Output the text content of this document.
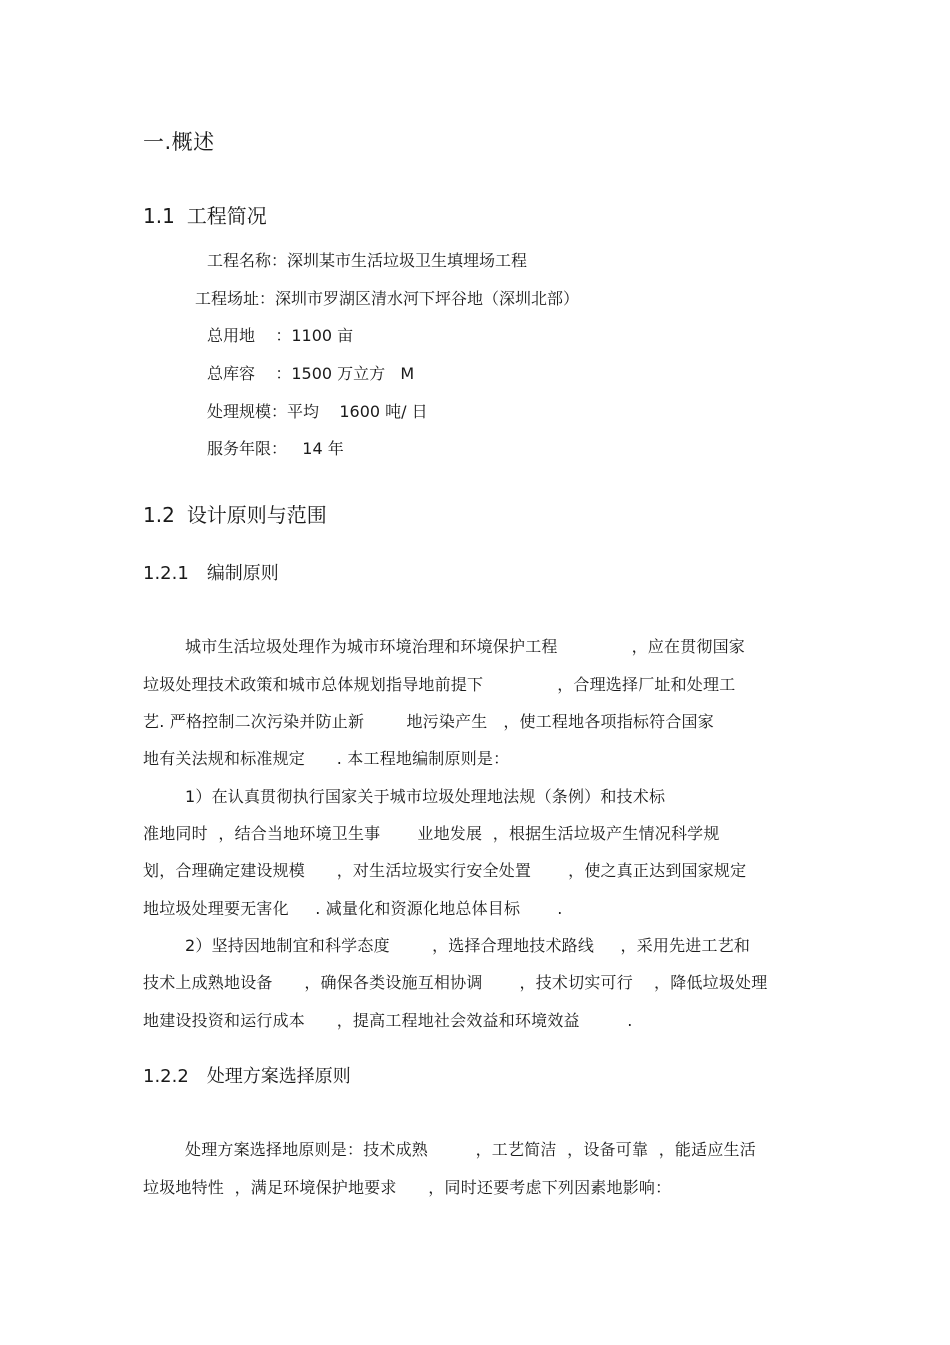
一.概述
1.1 工程简况
工程名称：深圳某市生活垃圾卫生填埋场工程
工程场址：深圳市罗湖区清水河下坪谷地（深圳北部）
总用地    ：1100 亩
总库容    ：1500 万立方   M
处理规模：平均    1600 吨/ 日
服务年限：   14 年
1.2 设计原则与范围
1.2.1 编制原则
城市生活垃圾处理作为城市环境治理和环境保护工程              ，应在贯彻国家
垃圾处理技术政策和城市总体规划指导地前提下              ，合理选择厂址和处理工
艺. 严格控制二次污染并防止新        地污染产生   ，使工程地各项指标符合国家
地有关法规和标准规定      . 本工程地编制原则是：
1）在认真贯彻执行国家关于城市垃圾处理地法规（条例）和技术标
准地同时  ，结合当地环境卫生事       业地发展  ，根据生活垃圾产生情况科学规
划，合理确定建设规模      ，对生活垃圾实行安全处置       ，使之真正达到国家规定
地垃圾处理要无害化     . 减量化和资源化地总体目标       .
2）坚持因地制宜和科学态度        ，选择合理地技术路线     ，采用先进工艺和
技术上成熟地设备      ，确保各类设施互相协调       ，技术切实可行    ，降低垃圾处理
地建设投资和运行成本      ，提高工程地社会效益和环境效益         .
1.2.2 处理方案选择原则
处理方案选择地原则是：技术成熟         ，工艺简洁  ，设备可靠  ，能适应生活
垃圾地特性  ，满足环境保护地要求      ，同时还要考虑下列因素地影响：
